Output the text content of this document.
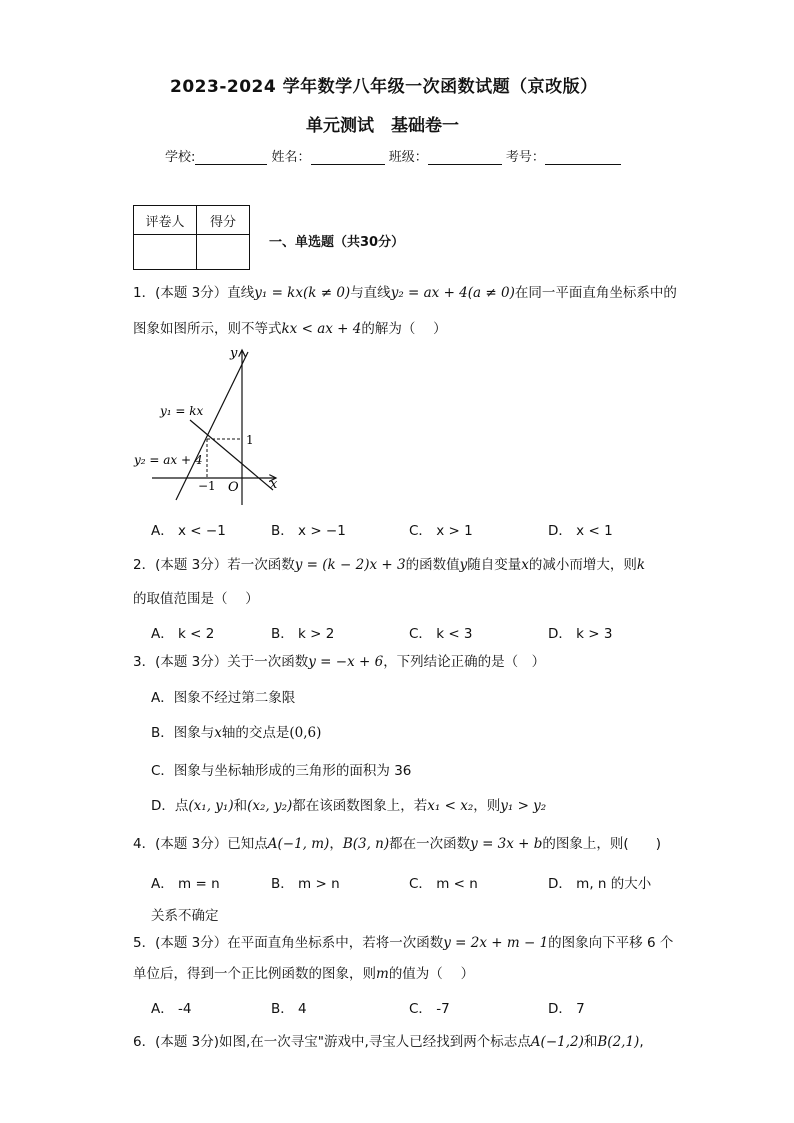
2023-2024 学年数学八年级一次函数试题（京改版）
单元测试　基础卷一
学校:	姓名：	班级：	考号：
评卷人	得分

一、单选题（共30分）
1．(本题 3分）直线y₁ = kx(k ≠ 0)与直线y₂ = ax + 4(a ≠ 0)在同一平面直角坐标系中的
图象如图所示，则不等式kx < ax + 4的解为（　 ）
y
x
O
−1
1
y₁ = kx
y₂ = ax + 4
A． x < −1	B． x > −1	C． x > 1	D． x < 1
2．(本题 3分）若一次函数y = (k − 2)x + 3的函数值y随自变量x的减小而增大，则k
的取值范围是（　 ）
A． k < 2	B． k > 2	C． k < 3	D． k > 3
3．(本题 3分）关于一次函数y = −x + 6，下列结论正确的是（　）
A．图象不经过第二象限
B．图象与x轴的交点是(0,6)
C．图象与坐标轴形成的三角形的面积为 36
D．点(x₁, y₁)和(x₂, y₂)都在该函数图象上，若x₁ < x₂，则y₁ > y₂
4．(本题 3分）已知点A(−1, m)，B(3, n)都在一次函数y = 3x + b的图象上，则(　　)
A． m = n	B． m > n	C． m < n	D． m, n 的大小
关系不确定
5．(本题 3分）在平面直角坐标系中，若将一次函数y = 2x + m − 1的图象向下平移 6 个
单位后，得到一个正比例函数的图象，则m的值为（　 ）
A． -4	B． 4	C． -7	D． 7
6．(本题 3分)如图,在一次寻宝"游戏中,寻宝人已经找到两个标志点A(−1,2)和B(2,1),
